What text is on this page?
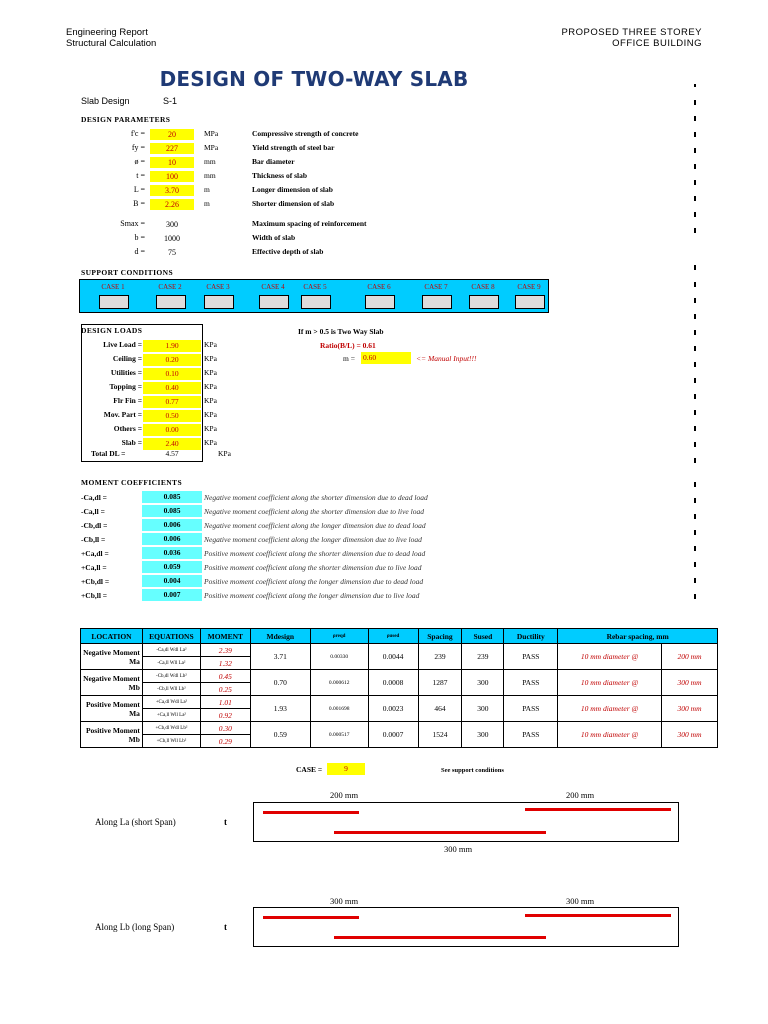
Engineering Report
Structural Calculation
PROPOSED THREE STOREY
OFFICE BUILDING
DESIGN OF TWO-WAY SLAB
Slab Design	S-1
DESIGN PARAMETERS
f'c =	20	MPa	Compressive strength of concrete
fy =	227	MPa	Yield strength of steel bar
ø =	10	mm	Bar diameter
t =	100	mm	Thickness of slab
L =	3.70	m	Longer dimension of slab
B =	2.26	m	Shorter dimension of slab
Smax =	300	Maximum spacing of reinforcement
b =	1000	Width of slab
d =	75	Effective depth of slab
SUPPORT CONDITIONS
CASE 1	CASE 2	CASE 3	CASE 4	CASE 5	CASE 6	CASE 7	CASE 8	CASE 9
DESIGN LOADS
Live Load =	1.90	KPa
Ceiling =	0.20	KPa
Utilities =	0.10	KPa
Topping =	0.40	KPa
Flr Fin =	0.77	KPa
Mov. Part =	0.50	KPa
Others =	0.00	KPa
Slab =	2.40	KPa
Total DL =	4.57	KPa
If m > 0.5 is Two Way Slab
Ratio(B/L) = 0.61
m = 0.60	<= Manual Input!!!
MOMENT COEFFICIENTS
-Ca,dl =	0.085	Negative moment coefficient along the shorter dimension due to dead load
-Ca,ll =	0.085	Negative moment coefficient along the shorter dimension due to live load
-Cb,dl =	0.006	Negative moment coefficient along the longer dimension due to dead load
-Cb,ll =	0.006	Negative moment coefficient along the longer dimension due to live load
+Ca,dl =	0.036	Positive moment coefficient along the shorter dimension due to dead load
+Ca,ll =	0.059	Positive moment coefficient along the shorter dimension due to live load
+Cb,dl =	0.004	Positive moment coefficient along the longer dimension due to dead load
+Cb,ll =	0.007	Positive moment coefficient along the longer dimension due to live load
LOCATION	EQUATIONS	MOMENT	Mdesign	ρreqd	ρused	Spacing	Sused	Ductility	Rebar spacing, mm	
Negative Moment Ma	-Ca,dl Wdl La²	2.39	3.71	0.00330	0.0044	239	239	PASS	10 mm diameter @	200 mm
	-Ca,ll Wll La²	1.32								
Negative Moment Mb	-Cb,dl Wdl Lb²	0.45	0.70	0.000612	0.0008	1287	300	PASS	10 mm diameter @	300 mm
	-Cb,ll Wll Lb²	0.25								
Positive Moment Ma	+Ca,dl Wdl La²	1.01	1.93	0.001698	0.0023	464	300	PASS	10 mm diameter @	300 mm
	+Ca,ll Wll La²	0.92								
Positive Moment Mb	+Cb,dl Wdl Lb²	0.30	0.59	0.000517	0.0007	1524	300	PASS	10 mm diameter @	300 mm
	+Cb,ll Wll Lb²	0.29								
CASE =	9	See support conditions
200 mm	200 mm
Along La (short Span)	t
300 mm
300 mm	300 mm
Along Lb (long Span)	t
